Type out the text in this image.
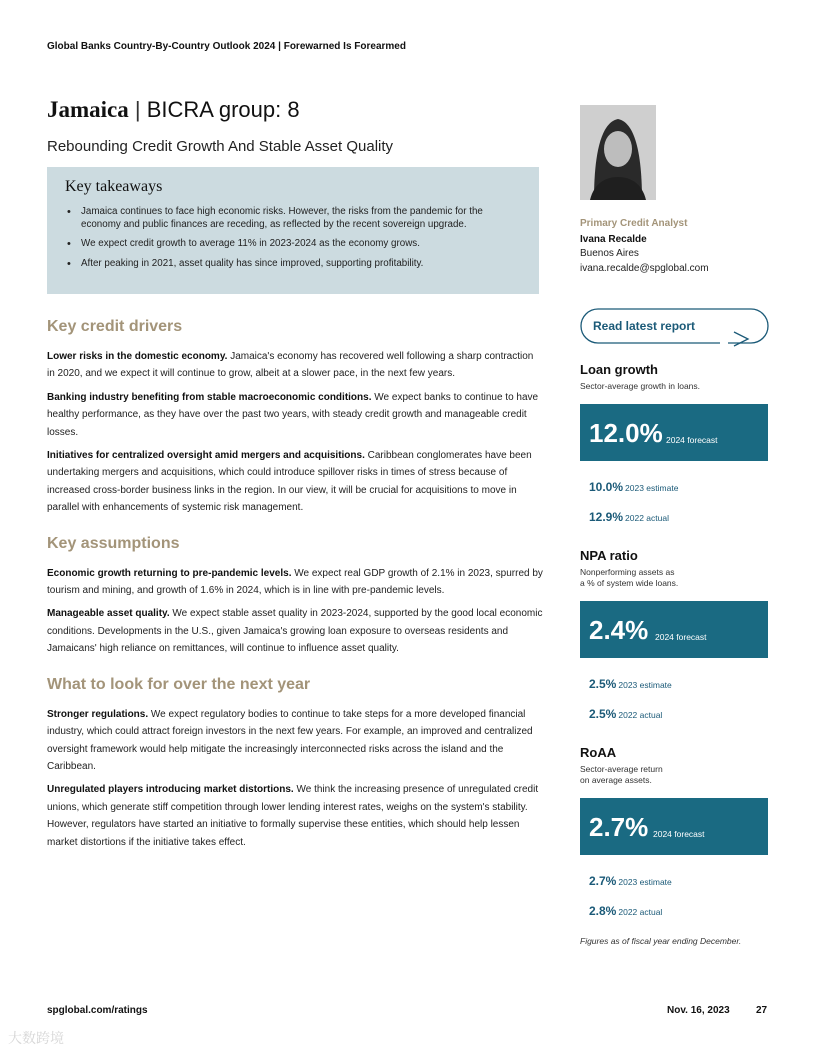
Global Banks Country-By-Country Outlook 2024 | Forewarned Is Forearmed
Jamaica | BICRA group: 8
Rebounding Credit Growth And Stable Asset Quality
Key takeaways
• Jamaica continues to face high economic risks. However, the risks from the pandemic for the economy and public finances are receding, as reflected by the recent sovereign upgrade.
• We expect credit growth to average 11% in 2023-2024 as the economy grows.
• After peaking in 2021, asset quality has since improved, supporting profitability.
Key credit drivers

Lower risks in the domestic economy. Jamaica's economy has recovered well following a sharp contraction in 2020, and we expect it will continue to grow, albeit at a slower pace, in the next few years.

Banking industry benefiting from stable macroeconomic conditions. We expect banks to continue to have healthy performance, as they have over the past two years, with steady credit growth and manageable credit losses.

Initiatives for centralized oversight amid mergers and acquisitions. Caribbean conglomerates have been undertaking mergers and acquisitions, which could introduce spillover risks in times of stress because of increased cross-border business links in the region. In our view, it will be crucial for acquisitions to move in parallel with enhancements of systemic risk management.

Key assumptions

Economic growth returning to pre-pandemic levels. We expect real GDP growth of 2.1% in 2023, spurred by tourism and mining, and growth of 1.6% in 2024, which is in line with pre-pandemic levels.

Manageable asset quality. We expect stable asset quality in 2023-2024, supported by the good local economic conditions. Developments in the U.S., given Jamaica's growing loan exposure to overseas residents and Jamaicans' high reliance on remittances, will continue to influence asset quality.

What to look for over the next year

Stronger regulations. We expect regulatory bodies to continue to take steps for a more developed financial industry, which could attract foreign investors in the next few years. For example, an improved and centralized oversight framework would help mitigate the increasingly interconnected risks across the island and the Caribbean.

Unregulated players introducing market distortions. We think the increasing presence of unregulated credit unions, which generate stiff competition through lower lending interest rates, weighs on the system's stability. However, regulators have started an initiative to formally supervise these entities, which should help lessen market distortions if the initiative takes effect.

Primary Credit Analyst
Ivana Recalde
Buenos Aires
ivana.recalde@spglobal.com
Read latest report
Loan growth
Sector-average growth in loans.
12.0% 2024 forecast
10.0% 2023 estimate
12.9% 2022 actual
NPA ratio
Nonperforming assets as
a % of system wide loans.
2.4% 2024 forecast
2.5% 2023 estimate
2.5% 2022 actual
RoAA
Sector-average return
on average assets.
2.7% 2024 forecast
2.7% 2023 estimate
2.8% 2022 actual
Figures as of fiscal year ending December.
spglobal.com/ratings	Nov. 16, 2023	27
大数跨境
